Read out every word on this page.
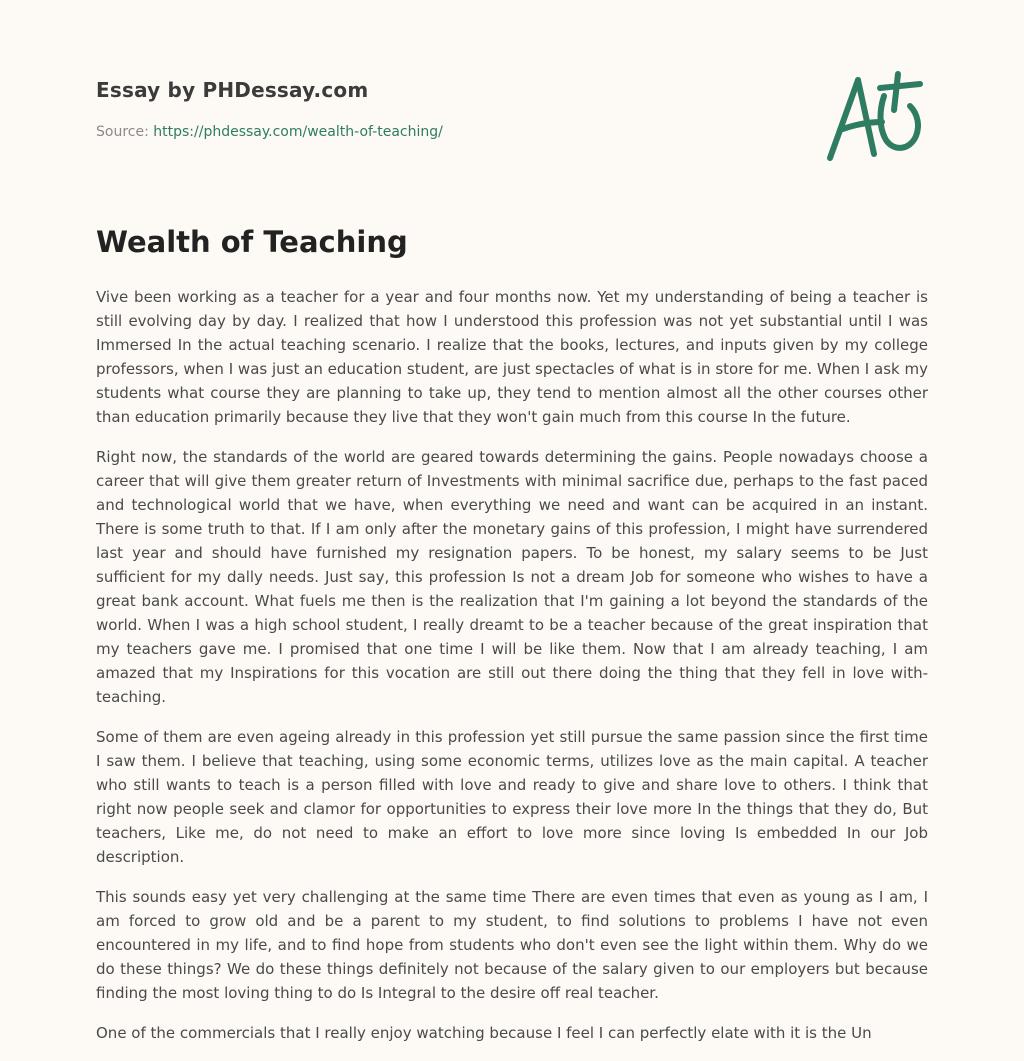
Essay by PHDessay.com
Source: https://phdessay.com/wealth-of-teaching/
Wealth of Teaching

Vive been working as a teacher for a year and four months now. Yet my understanding of being a teacher is still evolving day by day. I realized that how I understood this profession was not yet substantial until I was Immersed In the actual teaching scenario. I realize that the books, lectures, and inputs given by my college professors, when I was just an education student, are just spectacles of what is in store for me. When I ask my students what course they are planning to take up, they tend to mention almost all the other courses other than education primarily because they live that they won't gain much from this course In the future.

Right now, the standards of the world are geared towards determining the gains. People nowadays choose a career that will give them greater return of Investments with minimal sacrifice due, perhaps to the fast paced and technological world that we have, when everything we need and want can be acquired in an instant. There is some truth to that. If I am only after the monetary gains of this profession, I might have surrendered last year and should have furnished my resignation papers. To be honest, my salary seems to be Just sufficient for my dally needs. Just say, this profession Is not a dream Job for someone who wishes to have a great bank account. What fuels me then is the realization that I'm gaining a lot beyond the standards of the world. When I was a high school student, I really dreamt to be a teacher because of the great inspiration that my teachers gave me. I promised that one time I will be like them. Now that I am already teaching, I am amazed that my Inspirations for this vocation are still out there doing the thing that they fell in love with- teaching.

Some of them are even ageing already in this profession yet still pursue the same passion since the first time I saw them. I believe that teaching, using some economic terms, utilizes love as the main capital. A teacher who still wants to teach is a person filled with love and ready to give and share love to others. I think that right now people seek and clamor for opportunities to express their love more In the things that they do, But teachers, Like me, do not need to make an effort to love more since loving Is embedded In our Job description.

This sounds easy yet very challenging at the same time There are even times that even as young as I am, I am forced to grow old and be a parent to my student, to find solutions to problems I have not even encountered in my life, and to find hope from students who don't even see the light within them. Why do we do these things? We do these things definitely not because of the salary given to our employers but because finding the most loving thing to do Is Integral to the desire off real teacher.

One of the commercials that I really enjoy watching because I feel I can perfectly elate with it is the Un
